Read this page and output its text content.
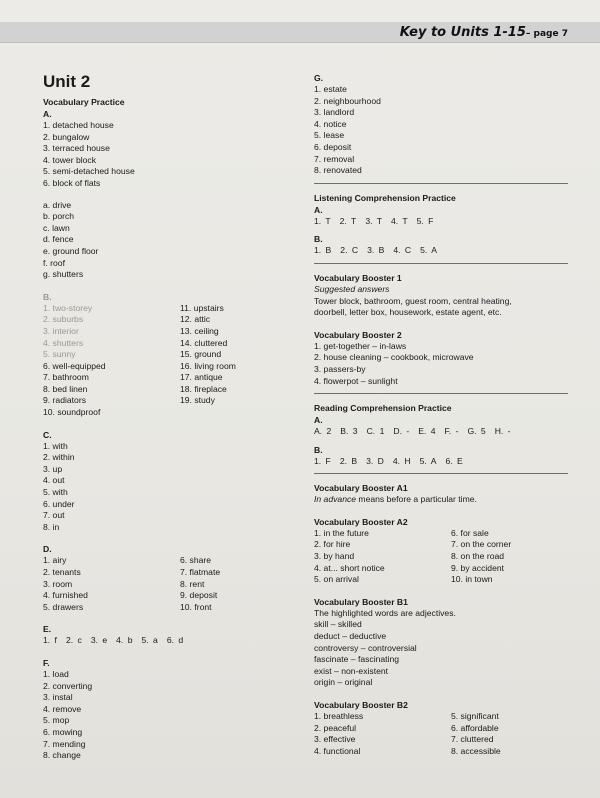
Key to Units 1-15– page 7
Unit 2
Vocabulary Practice
A.
1. detached house
2. bungalow
3. terraced house
4. tower block
5. semi-detached house
6. block of flats
a. drive
b. porch
c. lawn
d. fence
e. ground floor
f. roof
g. shutters
B.
1. two-storey
2. suburbs
3. interior
4. shutters
5. sunny
6. well-equipped
7. bathroom
8. bed linen
9. radiators
10. soundproof
11. upstairs
12. attic
13. ceiling
14. cluttered
15. ground
16. living room
17. antique
18. fireplace
19. study
C.
1. with
2. within
3. up
4. out
5. with
6. under
7. out
8. in
D.
1. airy
2. tenants
3. room
4. furnished
5. drawers
6. share
7. flatmate
8. rent
9. deposit
10. front
E.
1. f 2. c 3. e 4. b 5. a 6. d
F.
1. load
2. converting
3. instal
4. remove
5. mop
6. mowing
7. mending
8. change
G.
1. estate
2. neighbourhood
3. landlord
4. notice
5. lease
6. deposit
7. removal
8. renovated
Listening Comprehension Practice
A.
1. T 2. T 3. T 4. T 5. F
B.
1. B 2. C 3. B 4. C 5. A
Vocabulary Booster 1
Suggested answers
Tower block, bathroom, guest room, central heating,
doorbell, letter box, housework, estate agent, etc.
Vocabulary Booster 2
1. get-together – in-laws
2. house cleaning – cookbook, microwave
3. passers-by
4. flowerpot – sunlight
Reading Comprehension Practice
A.
A. 2 B. 3 C. 1 D. - E. 4 F. - G. 5 H. -
B.
1. F 2. B 3. D 4. H 5. A 6. E
Vocabulary Booster A1
In advance means before a particular time.
Vocabulary Booster A2
1. in the future
2. for hire
3. by hand
4. at... short notice
5. on arrival
6. for sale
7. on the corner
8. on the road
9. by accident
10. in town
Vocabulary Booster B1
The highlighted words are adjectives.
skill – skilled
deduct – deductive
controversy – controversial
fascinate – fascinating
exist – non-existent
origin – original
Vocabulary Booster B2
1. breathless
2. peaceful
3. effective
4. functional
5. significant
6. affordable
7. cluttered
8. accessible
